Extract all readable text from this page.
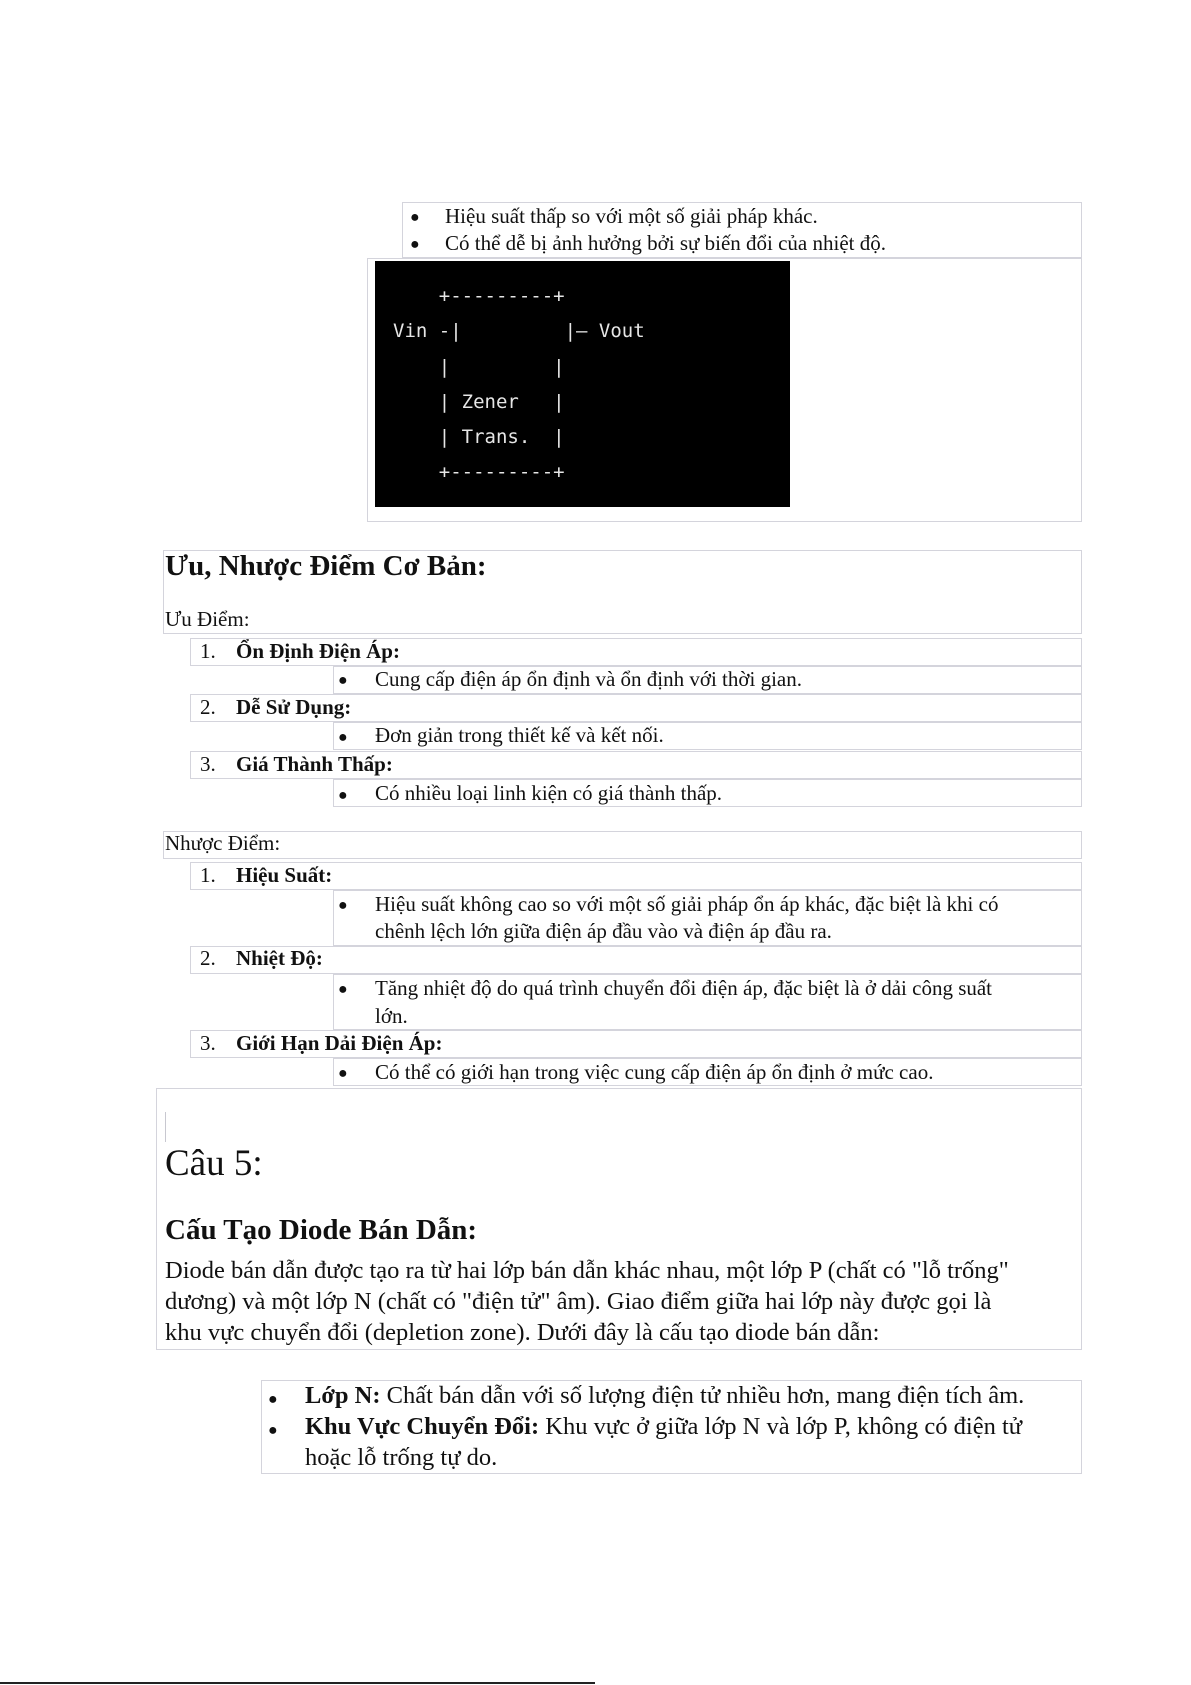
● Hiệu suất thấp so với một số giải pháp khác.
● Có thể dễ bị ảnh hưởng bởi sự biến đổi của nhiệt độ.
+---------+
Vin -|         |— Vout
|         |
| Zener   |
| Trans.  |
+---------+
Ưu, Nhược Điểm Cơ Bản:
Ưu Điểm:
1. Ổn Định Điện Áp:
● Cung cấp điện áp ổn định và ổn định với thời gian.
2. Dễ Sử Dụng:
● Đơn giản trong thiết kế và kết nối.
3. Giá Thành Thấp:
● Có nhiều loại linh kiện có giá thành thấp.
Nhược Điểm:
1. Hiệu Suất:
● Hiệu suất không cao so với một số giải pháp ổn áp khác, đặc biệt là khi có
chênh lệch lớn giữa điện áp đầu vào và điện áp đầu ra.
2. Nhiệt Độ:
● Tăng nhiệt độ do quá trình chuyển đổi điện áp, đặc biệt là ở dải công suất
lớn.
3. Giới Hạn Dải Điện Áp:
● Có thể có giới hạn trong việc cung cấp điện áp ổn định ở mức cao.
Câu 5:
Cấu Tạo Diode Bán Dẫn:
Diode bán dẫn được tạo ra từ hai lớp bán dẫn khác nhau, một lớp P (chất có "lỗ trống"
dương) và một lớp N (chất có "điện tử" âm). Giao điểm giữa hai lớp này được gọi là
khu vực chuyển đổi (depletion zone). Dưới đây là cấu tạo diode bán dẫn:
● Lớp N: Chất bán dẫn với số lượng điện tử nhiều hơn, mang điện tích âm.
● Khu Vực Chuyển Đổi: Khu vực ở giữa lớp N và lớp P, không có điện tử
hoặc lỗ trống tự do.
